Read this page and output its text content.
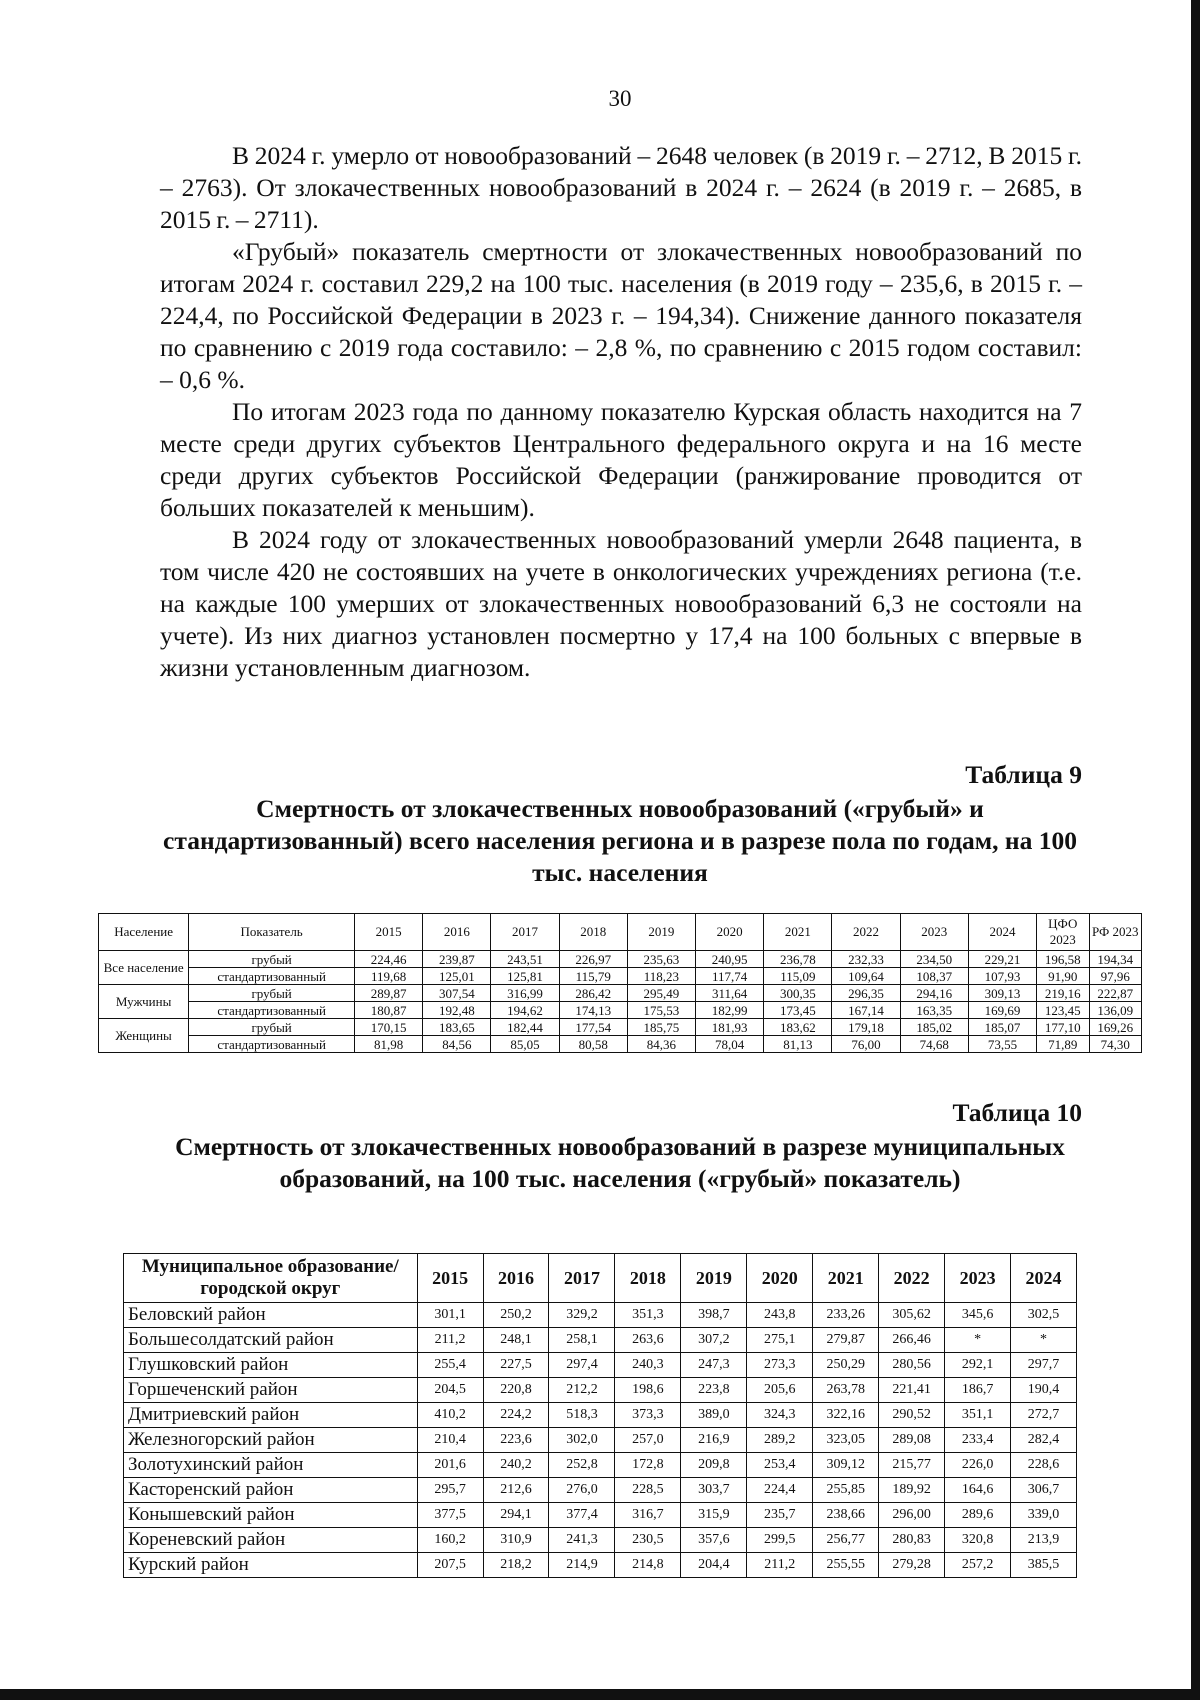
30

В 2024 г. умерло от новообразований – 2648 человек (в 2019 г. – 2712, В 2015 г. – 2763). От злокачественных новообразований в 2024 г. – 2624 (в 2019 г. – 2685, в 2015 г. – 2711).

«Грубый» показатель смертности от злокачественных новообразований по итогам 2024 г. составил 229,2 на 100 тыс. населения (в 2019 году – 235,6, в 2015 г. – 224,4, по Российской Федерации в 2023 г. – 194,34). Снижение данного показателя по сравнению с 2019 года составило: – 2,8 %, по сравнению с 2015 годом составил: – 0,6 %.

По итогам 2023 года по данному показателю Курская область находится на 7 месте среди других субъектов Центрального федерального округа и на 16 месте среди других субъектов Российской Федерации (ранжирование проводится от больших показателей к меньшим).

В 2024 году от злокачественных новообразований умерли 2648 пациента, в том числе 420 не состоявших на учете в онкологических учреждениях региона (т.е. на каждые 100 умерших от злокачественных новообразований 6,3 не состояли на учете). Из них диагноз установлен посмертно у 17,4 на 100 больных с впервые в жизни установленным диагнозом.

Таблица 9
Смертность от злокачественных новообразований («грубый» и стандартизованный) всего населения региона и в разрезе пола по годам, на 100 тыс. населения
Население	Показатель	2015	2016	2017	2018	2019	2020	2021	2022	2023	2024	ЦФО 2023	РФ 2023
Все население	грубый	224,46	239,87	243,51	226,97	235,63	240,95	236,78	232,33	234,50	229,21	196,58	194,34
	стандартизованный	119,68	125,01	125,81	115,79	118,23	117,74	115,09	109,64	108,37	107,93	91,90	97,96
Мужчины	грубый	289,87	307,54	316,99	286,42	295,49	311,64	300,35	296,35	294,16	309,13	219,16	222,87
	стандартизованный	180,87	192,48	194,62	174,13	175,53	182,99	173,45	167,14	163,35	169,69	123,45	136,09
Женщины	грубый	170,15	183,65	182,44	177,54	185,75	181,93	183,62	179,18	185,02	185,07	177,10	169,26
	стандартизованный	81,98	84,56	85,05	80,58	84,36	78,04	81,13	76,00	74,68	73,55	71,89	74,30
Таблица 10
Смертность от злокачественных новообразований в разрезе муниципальных образований, на 100 тыс. населения («грубый» показатель)
Муниципальное образование/городской округ	2015	2016	2017	2018	2019	2020	2021	2022	2023	2024
Беловский район	301,1	250,2	329,2	351,3	398,7	243,8	233,26	305,62	345,6	302,5
Большесолдатский район	211,2	248,1	258,1	263,6	307,2	275,1	279,87	266,46	*	*
Глушковский район	255,4	227,5	297,4	240,3	247,3	273,3	250,29	280,56	292,1	297,7
Горшеченский район	204,5	220,8	212,2	198,6	223,8	205,6	263,78	221,41	186,7	190,4
Дмитриевский район	410,2	224,2	518,3	373,3	389,0	324,3	322,16	290,52	351,1	272,7
Железногорский район	210,4	223,6	302,0	257,0	216,9	289,2	323,05	289,08	233,4	282,4
Золотухинский район	201,6	240,2	252,8	172,8	209,8	253,4	309,12	215,77	226,0	228,6
Касторенский район	295,7	212,6	276,0	228,5	303,7	224,4	255,85	189,92	164,6	306,7
Конышевский район	377,5	294,1	377,4	316,7	315,9	235,7	238,66	296,00	289,6	339,0
Кореневский район	160,2	310,9	241,3	230,5	357,6	299,5	256,77	280,83	320,8	213,9
Курский район	207,5	218,2	214,9	214,8	204,4	211,2	255,55	279,28	257,2	385,5
